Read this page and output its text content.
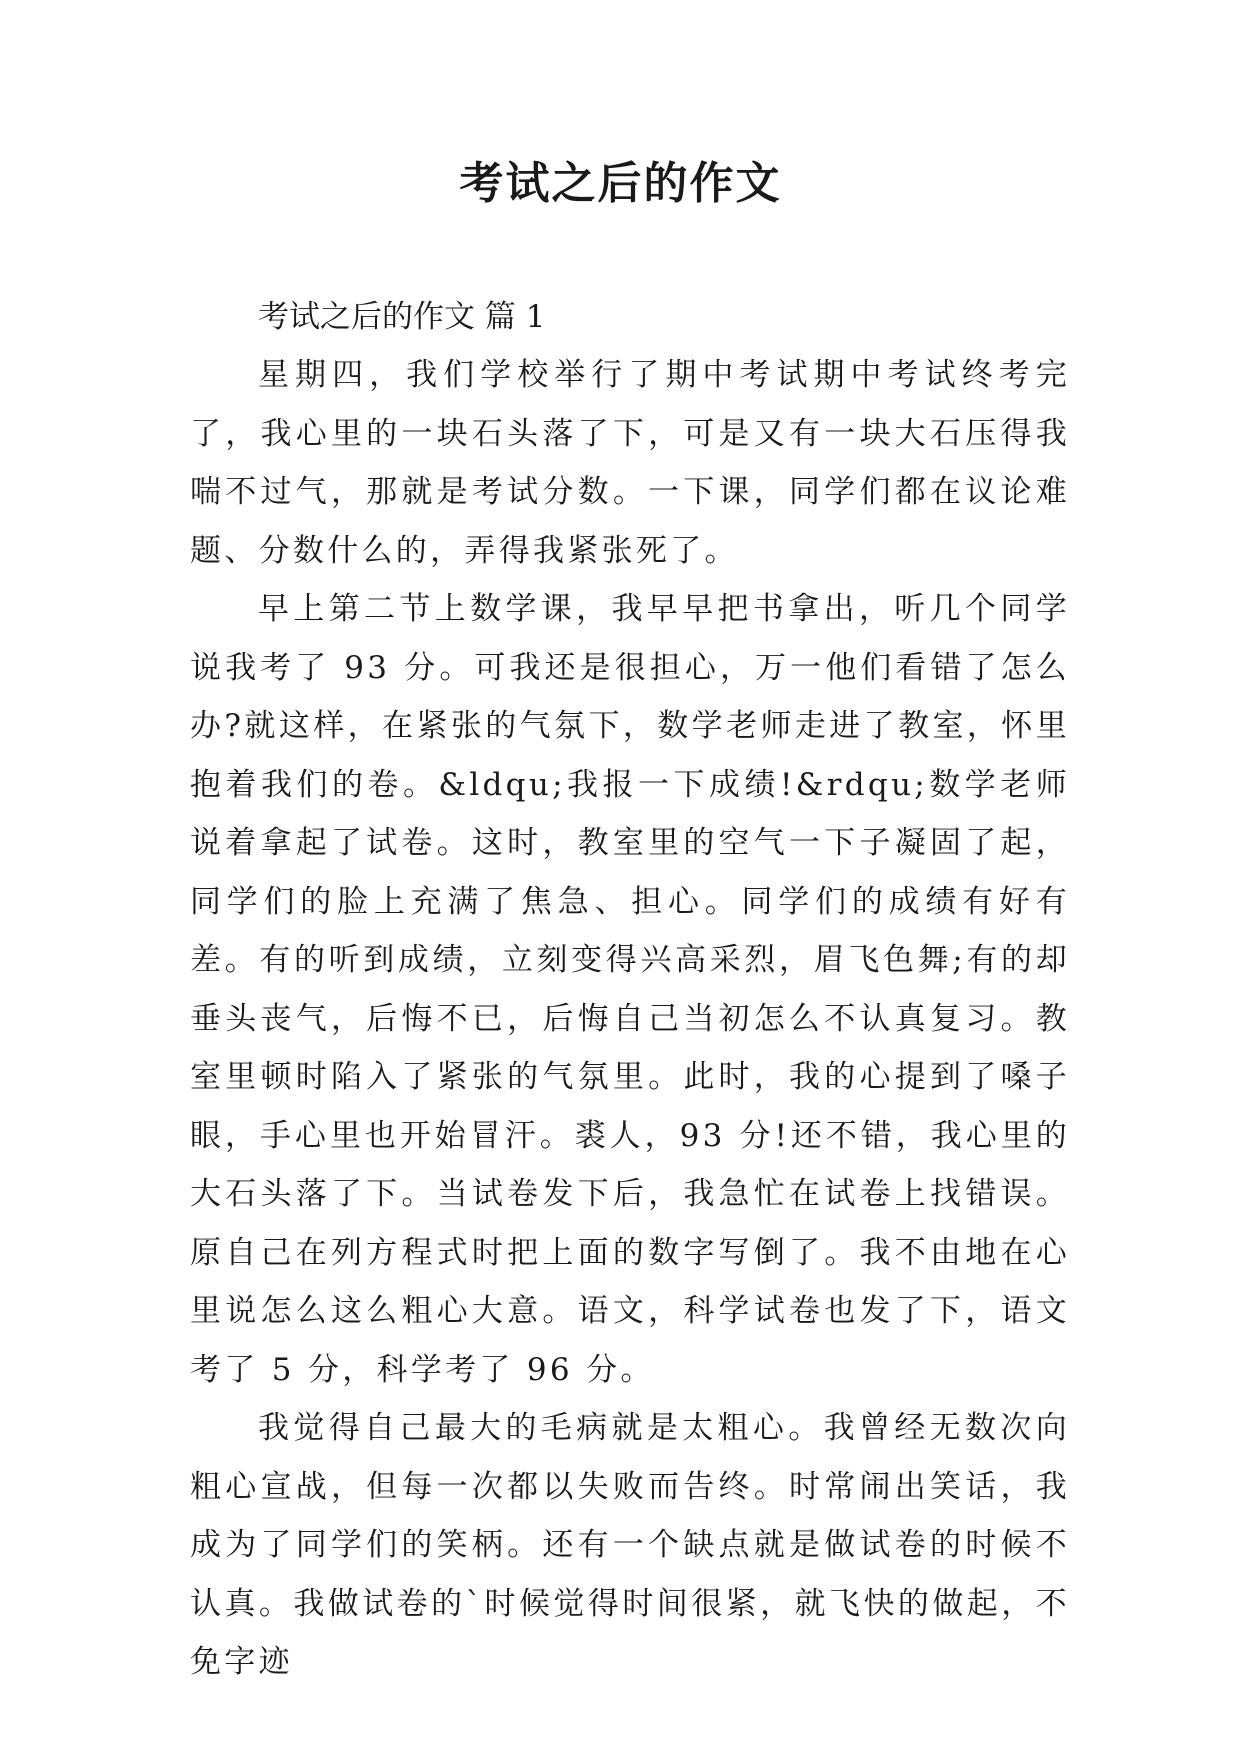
考试之后的作文

考试之后的作文 篇 1

星期四，我们学校举行了期中考试期中考试终考完了，我心里的一块石头落了下，可是又有一块大石压得我喘不过气，那就是考试分数。一下课，同学们都在议论难题、分数什么的，弄得我紧张死了。

早上第二节上数学课，我早早把书拿出，听几个同学说我考了 93 分。可我还是很担心，万一他们看错了怎么办?就这样，在紧张的气氛下，数学老师走进了教室，怀里抱着我们的卷。&ldqu;我报一下成绩!&rdqu;数学老师说着拿起了试卷。这时，教室里的空气一下子凝固了起，同学们的脸上充满了焦急、担心。同学们的成绩有好有差。有的听到成绩，立刻变得兴高采烈，眉飞色舞;有的却垂头丧气，后悔不已，后悔自己当初怎么不认真复习。教室里顿时陷入了紧张的气氛里。此时，我的心提到了嗓子眼，手心里也开始冒汗。裘人，93 分!还不错，我心里的大石头落了下。当试卷发下后，我急忙在试卷上找错误。原自己在列方程式时把上面的数字写倒了。我不由地在心里说怎么这么粗心大意。语文，科学试卷也发了下，语文考了 5 分，科学考了 96 分。

我觉得自己最大的毛病就是太粗心。我曾经无数次向粗心宣战，但每一次都以失败而告终。时常闹出笑话，我成为了同学们的笑柄。还有一个缺点就是做试卷的时候不认真。我做试卷的`时候觉得时间很紧，就飞快的做起，不免字迹
